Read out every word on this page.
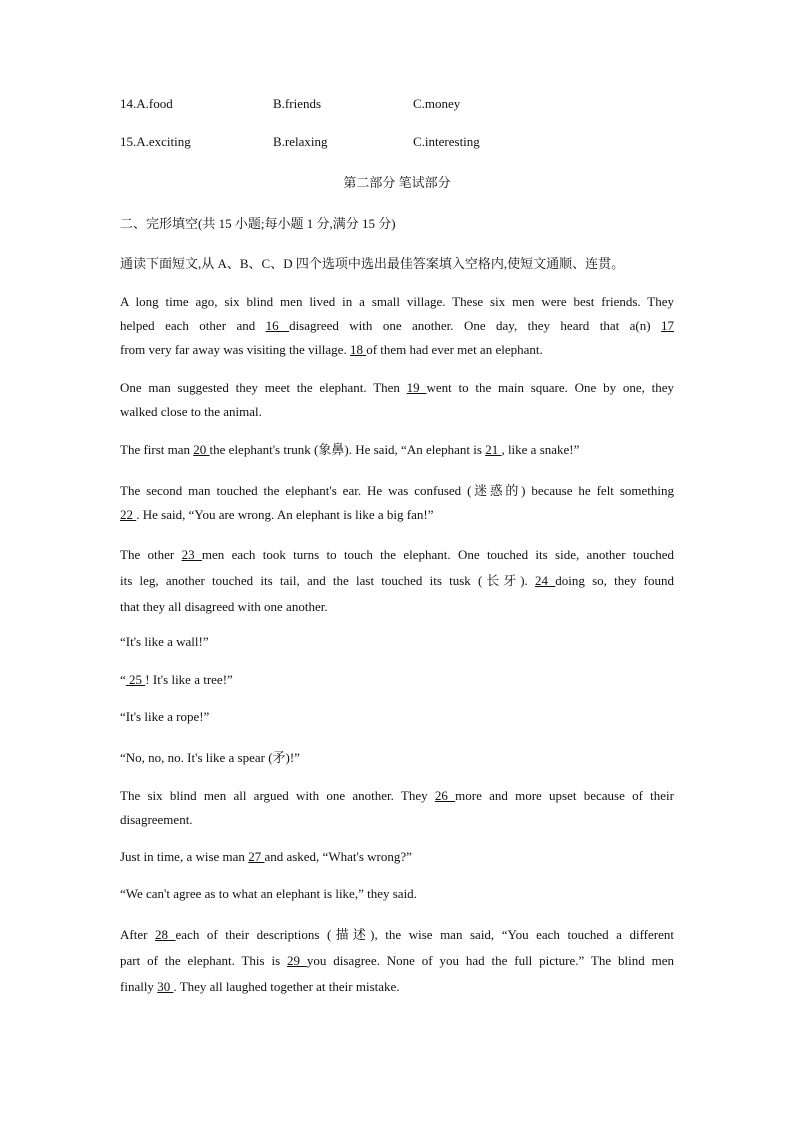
14.A.food	B.friends	C.money
15.A.exciting	B.relaxing	C.interesting
第二部分 笔试部分
二、完形填空(共 15 小题;每小题 1 分,满分 15 分)
通读下面短文,从 A、B、C、D 四个选项中选出最佳答案填入空格内,使短文通顺、连贯。
A long time ago, six blind men lived in a small village. These six men were best friends. They
helped each other and 16 disagreed with one another. One day, they heard that a(n) 17
from very far away was visiting the village. 18 of them had ever met an elephant.
One man suggested they meet the elephant. Then 19 went to the main square. One by one, they
walked close to the animal.
The first man 20 the elephant's trunk (象鼻). He said, “An elephant is 21 , like a snake!”
The second man touched the elephant's ear. He was confused (迷惑的) because he felt something
22 . He said, “You are wrong. An elephant is like a big fan!”
The other 23 men each took turns to touch the elephant. One touched its side, another touched
its leg, another touched its tail, and the last touched its tusk (长牙). 24 doing so, they found
that they all disagreed with one another.
“It's like a wall!”
“ 25 ! It's like a tree!”
“It's like a rope!”
“No, no, no. It's like a spear (矛)!”
The six blind men all argued with one another. They 26 more and more upset because of their
disagreement.
Just in time, a wise man 27 and asked, “What's wrong?”
“We can't agree as to what an elephant is like,” they said.
After 28 each of their descriptions (描述), the wise man said, “You each touched a different
part of the elephant. This is 29 you disagree. None of you had the full picture.” The blind men
finally 30 . They all laughed together at their mistake.
